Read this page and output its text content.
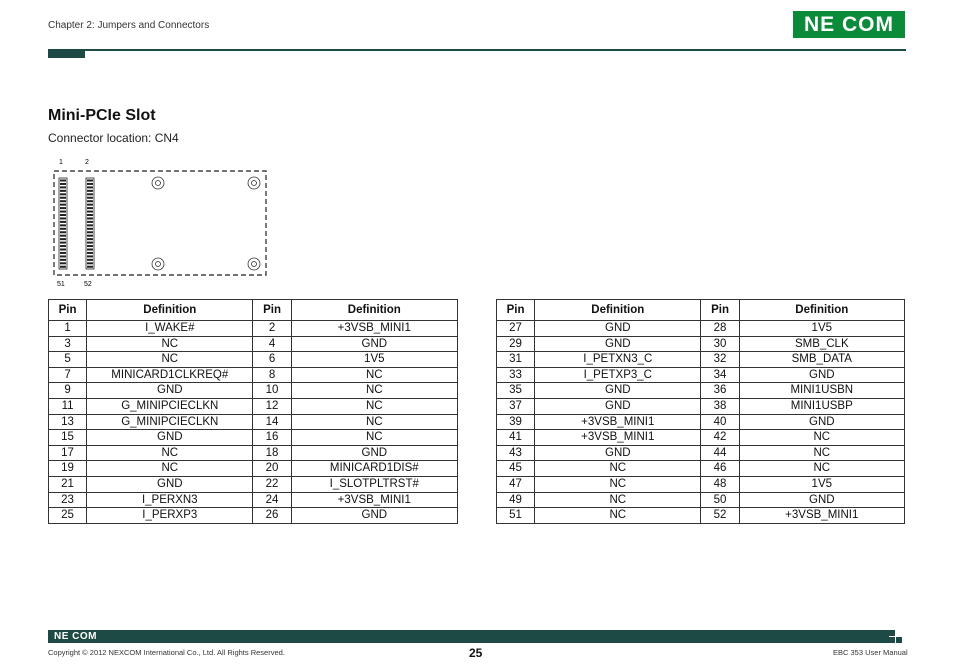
Chapter 2: Jumpers and Connectors	NE COM
Mini-PCIe Slot
Connector location: CN4
1	2
51	52
Pin	Definition	Pin	Definition
1	I_WAKE#	2	+3VSB_MINI1
3	NC	4	GND
5	NC	6	1V5
7	MINICARD1CLKREQ#	8	NC
9	GND	10	NC
11	G_MINIPCIECLKN	12	NC
13	G_MINIPCIECLKN	14	NC
15	GND	16	NC
17	NC	18	GND
19	NC	20	MINICARD1DIS#
21	GND	22	I_SLOTPLTRST#
23	I_PERXN3	24	+3VSB_MINI1
25	I_PERXP3	26	GND
Pin	Definition	Pin	Definition
27	GND	28	1V5
29	GND	30	SMB_CLK
31	I_PETXN3_C	32	SMB_DATA
33	I_PETXP3_C	34	GND
35	GND	36	MINI1USBN
37	GND	38	MINI1USBP
39	+3VSB_MINI1	40	GND
41	+3VSB_MINI1	42	NC
43	GND	44	NC
45	NC	46	NC
47	NC	48	1V5
49	NC	50	GND
51	NC	52	+3VSB_MINI1
NE COM
Copyright © 2012 NEXCOM International Co., Ltd. All Rights Reserved.	25	EBC 353 User Manual
